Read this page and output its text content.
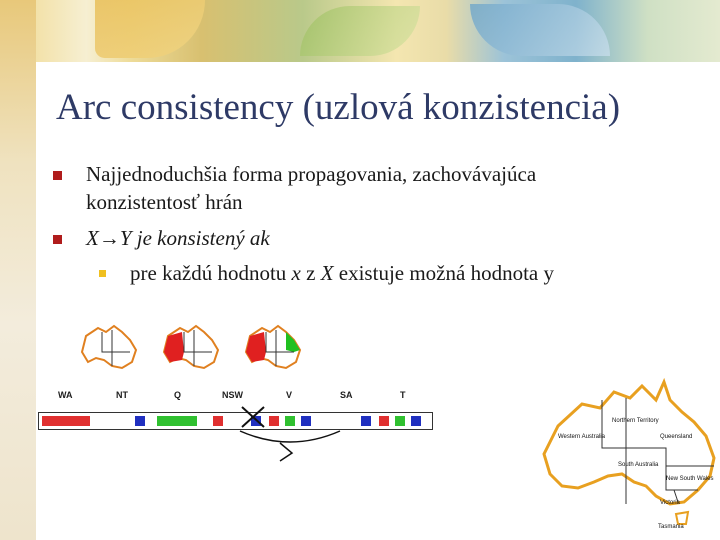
Arc consistency (uzlová konzistencia)
Najjednoduchšia forma propagovania, zachovávajúca
konzistentosť hrán
X→Y je konsistený ak
pre každú hodnotu x z X existuje možná hodnota y
WA	NT	Q	NSW	V	SA	T
Northern Territory
Western Australia
South Australia
Queensland
New South Wales
Victoria
Tasmania
